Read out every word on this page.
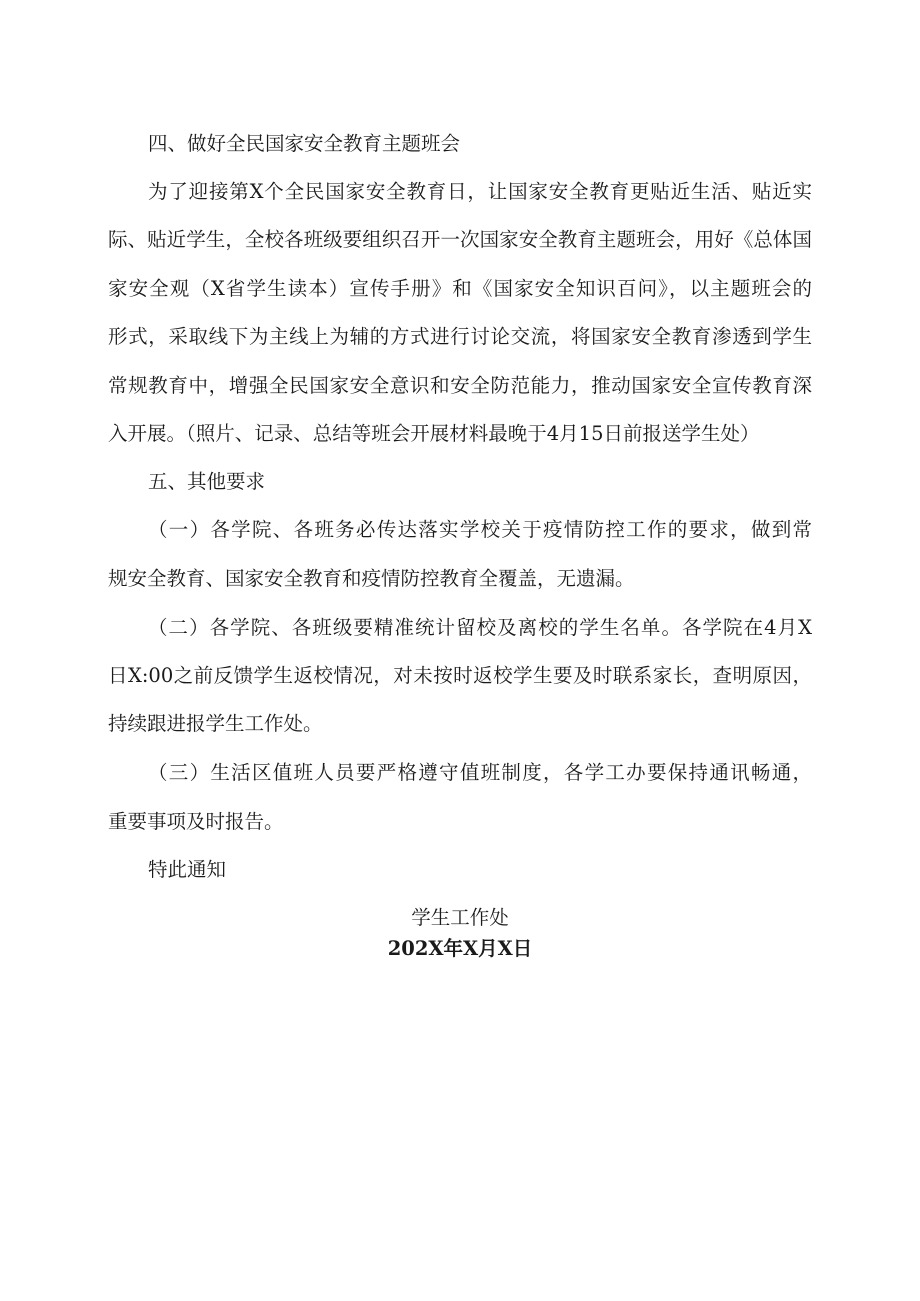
四、做好全民国家安全教育主题班会
为了迎接第X个全民国家安全教育日，让国家安全教育更贴近生活、贴近实
际、贴近学生，全校各班级要组织召开一次国家安全教育主题班会，用好《总体国
家安全观（X省学生读本）宣传手册》和《国家安全知识百问》，以主题班会的
形式，采取线下为主线上为辅的方式进行讨论交流，将国家安全教育渗透到学生
常规教育中，增强全民国家安全意识和安全防范能力，推动国家安全宣传教育深
入开展。（照片、记录、总结等班会开展材料最晚于4月15日前报送学生处）
五、其他要求
（一）各学院、各班务必传达落实学校关于疫情防控工作的要求，做到常
规安全教育、国家安全教育和疫情防控教育全覆盖，无遗漏。
（二）各学院、各班级要精准统计留校及离校的学生名单。各学院在4月X
日X:00之前反馈学生返校情况，对未按时返校学生要及时联系家长，查明原因，
持续跟进报学生工作处。
（三）生活区值班人员要严格遵守值班制度，各学工办要保持通讯畅通，
重要事项及时报告。
特此通知
学生工作处
202X年X月X日
